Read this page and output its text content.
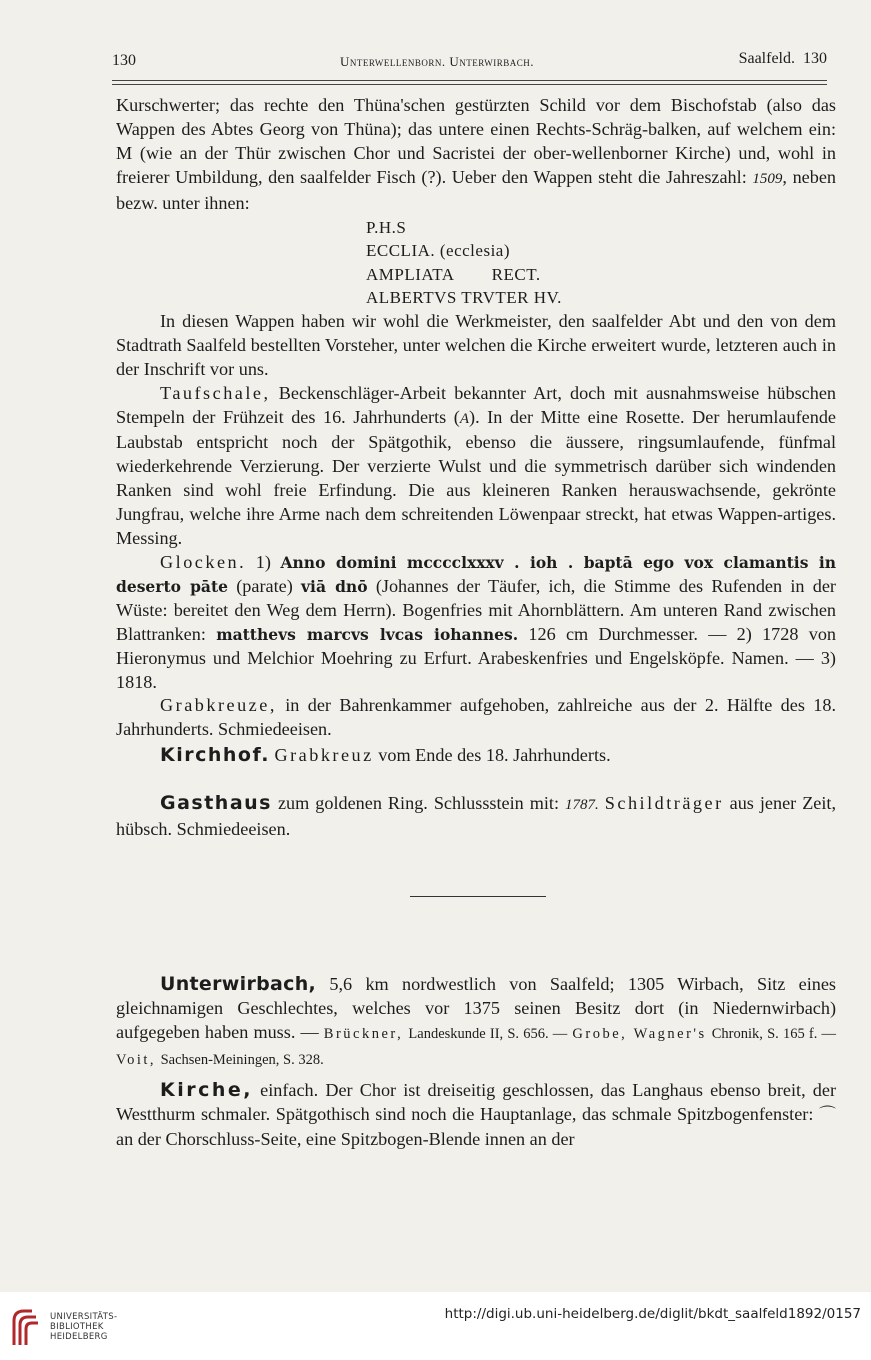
130	Unterwellenborn. Unterwirbach.	Saalfeld. 130

Kurschwerter; das rechte den Thüna'schen gestürzten Schild vor dem Bischofstab (also das Wappen des Abtes Georg von Thüna); das untere einen Rechts-Schräg-balken, auf welchem ein: M (wie an der Thür zwischen Chor und Sacristei der ober-wellenborner Kirche) und, wohl in freierer Umbildung, den saalfelder Fisch (?). Ueber den Wappen steht die Jahreszahl: 1509, neben bezw. unter ihnen:

P.H.S
ECCLIA. (ecclesia)
AMPLIATA        RECT.
ALBERTVS TRVTER HV.

In diesen Wappen haben wir wohl die Werkmeister, den saalfelder Abt und den von dem Stadtrath Saalfeld bestellten Vorsteher, unter welchen die Kirche erweitert wurde, letzteren auch in der Inschrift vor uns.

Taufschale, Beckenschläger-Arbeit bekannter Art, doch mit ausnahmsweise hübschen Stempeln der Frühzeit des 16. Jahrhunderts (A). In der Mitte eine Rosette. Der herumlaufende Laubstab entspricht noch der Spätgothik, ebenso die äussere, ringsumlaufende, fünfmal wiederkehrende Verzierung. Der verzierte Wulst und die symmetrisch darüber sich windenden Ranken sind wohl freie Erfindung. Die aus kleineren Ranken herauswachsende, gekrönte Jungfrau, welche ihre Arme nach dem schreitenden Löwenpaar streckt, hat etwas Wappen-artiges. Messing.

Glocken. 1) Anno domini mcccclxxxv . ioh . baptā ego vox clamantis in deserto pāte (parate) viā dnō (Johannes der Täufer, ich, die Stimme des Rufenden in der Wüste: bereitet den Weg dem Herrn). Bogenfries mit Ahornblättern. Am unteren Rand zwischen Blattranken: matthevs marcvs lvcas iohannes. 126 cm Durchmesser. — 2) 1728 von Hieronymus und Melchior Moehring zu Erfurt. Arabeskenfries und Engelsköpfe. Namen. — 3) 1818.

Grabkreuze, in der Bahrenkammer aufgehoben, zahlreiche aus der 2. Hälfte des 18. Jahrhunderts. Schmiedeeisen.

Kirchhof. Grabkreuz vom Ende des 18. Jahrhunderts.

Gasthaus zum goldenen Ring. Schlussstein mit: 1787. Schildträger aus jener Zeit, hübsch. Schmiedeeisen.

Unterwirbach, 5,6 km nordwestlich von Saalfeld; 1305 Wirbach, Sitz eines gleichnamigen Geschlechtes, welches vor 1375 seinen Besitz dort (in Niedernwirbach) aufgegeben haben muss. — Brückner, Landeskunde II, S. 656. — Grobe, Wagner's Chronik, S. 165 f. — Voit, Sachsen-Meiningen, S. 328.

Kirche, einfach. Der Chor ist dreiseitig geschlossen, das Langhaus ebenso breit, der Westthurm schmaler. Spätgothisch sind noch die Hauptanlage, das schmale Spitzbogenfenster: ⌒ an der Chorschluss-Seite, eine Spitzbogen-Blende innen an der

UNIVERSITÄTS-
BIBLIOTHEK
HEIDELBERG
http://digi.ub.uni-heidelberg.de/diglit/bkdt_saalfeld1892/0157
